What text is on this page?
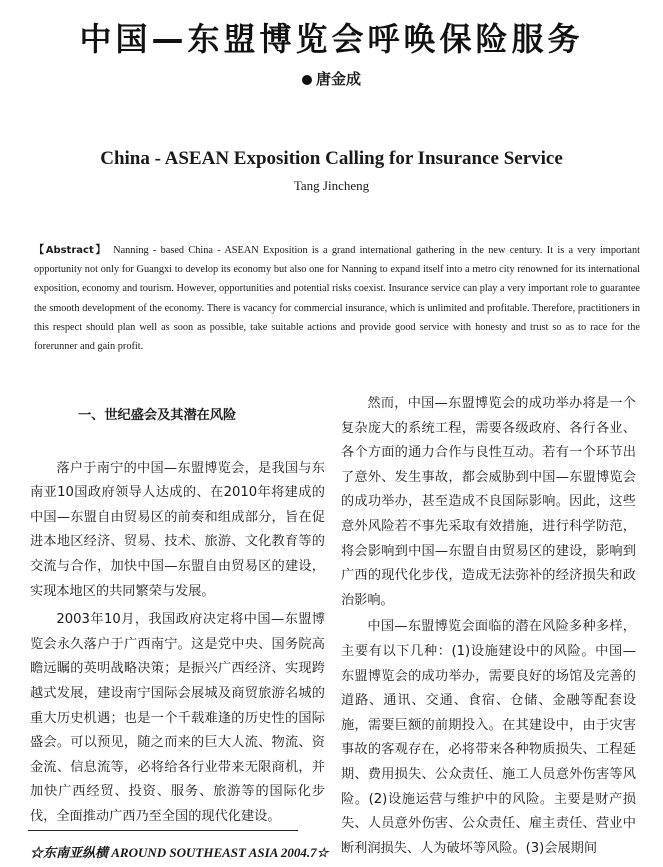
中国—东盟博览会呼唤保险服务
唐金成
China - ASEAN Exposition Calling for Insurance Service
Tang Jincheng
【Abstract】 Nanning - based China - ASEAN Exposition is a grand international gathering in the new century. It is a very important opportunity not only for Guangxi to develop its economy but also one for Nanning to expand itself into a metro city renowned for its international exposition, economy and tourism. However, opportunities and potential risks coexist. Insurance service can play a very important role to guarantee the smooth development of the economy. There is vacancy for commercial insurance, which is unlimited and profitable. Therefore, practitioners in this respect should plan well as soon as possible, take suitable actions and provide good service with honesty and trust so as to race for the forerunner and gain profit.
一、世纪盛会及其潜在风险

落户于南宁的中国—东盟博览会，是我国与东南亚10国政府领导人达成的、在2010年将建成的中国—东盟自由贸易区的前奏和组成部分，旨在促进本地区经济、贸易、技术、旅游、文化教育等的交流与合作，加快中国—东盟自由贸易区的建设，实现本地区的共同繁荣与发展。

2003年10月，我国政府决定将中国—东盟博览会永久落户于广西南宁。这是党中央、国务院高瞻远瞩的英明战略决策；是振兴广西经济、实现跨越式发展，建设南宁国际会展城及商贸旅游名城的重大历史机遇；也是一个千载难逢的历史性的国际盛会。可以预见，随之而来的巨大人流、物流、资金流、信息流等，必将给各行业带来无限商机，并加快广西经贸、投资、服务、旅游等的国际化步伐，全面推动广西乃至全国的现代化建设。

然而，中国—东盟博览会的成功举办将是一个复杂庞大的系统工程，需要各级政府、各行各业、各个方面的通力合作与良性互动。若有一个环节出了意外、发生事故，都会威胁到中国—东盟博览会的成功举办，甚至造成不良国际影响。因此，这些意外风险若不事先采取有效措施，进行科学防范，将会影响到中国—东盟自由贸易区的建设，影响到广西的现代化步伐，造成无法弥补的经济损失和政治影响。

中国—东盟博览会面临的潜在风险多种多样，主要有以下几种：(1)设施建设中的风险。中国—东盟博览会的成功举办，需要良好的场馆及完善的道路、通讯、交通、食宿、仓储、金融等配套设施，需要巨额的前期投入。在其建设中，由于灾害事故的客观存在，必将带来各种物质损失、工程延期、费用损失、公众责任、施工人员意外伤害等风险。(2)设施运营与维护中的风险。主要是财产损失、人员意外伤害、公众责任、雇主责任、营业中断利润损失、人为破坏等风险。(3)会展期间

☆东南亚纵横 AROUND SOUTHEAST ASIA 2004.7☆
